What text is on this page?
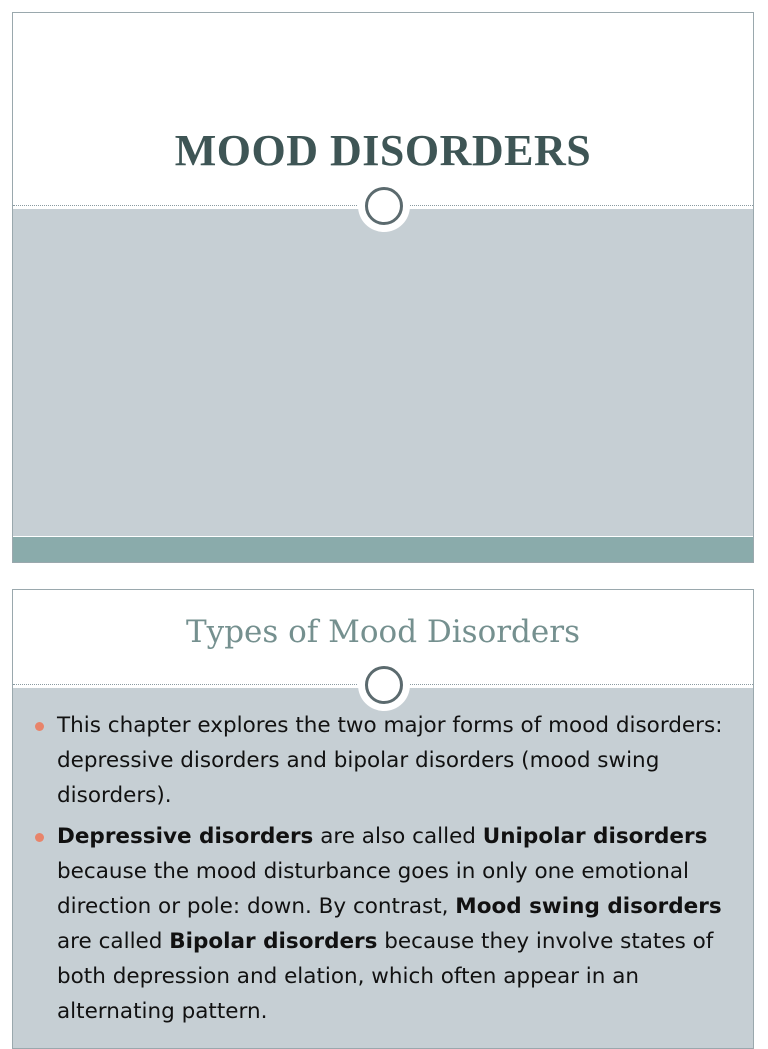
MOOD DISORDERS
Types of Mood Disorders
This chapter explores the two major forms of mood disorders: depressive disorders and bipolar disorders (mood swing disorders).
Depressive disorders are also called Unipolar disorders because the mood disturbance goes in only one emotional direction or pole: down. By contrast, Mood swing disorders are called Bipolar disorders because they involve states of both depression and elation, which often appear in an alternating pattern.
